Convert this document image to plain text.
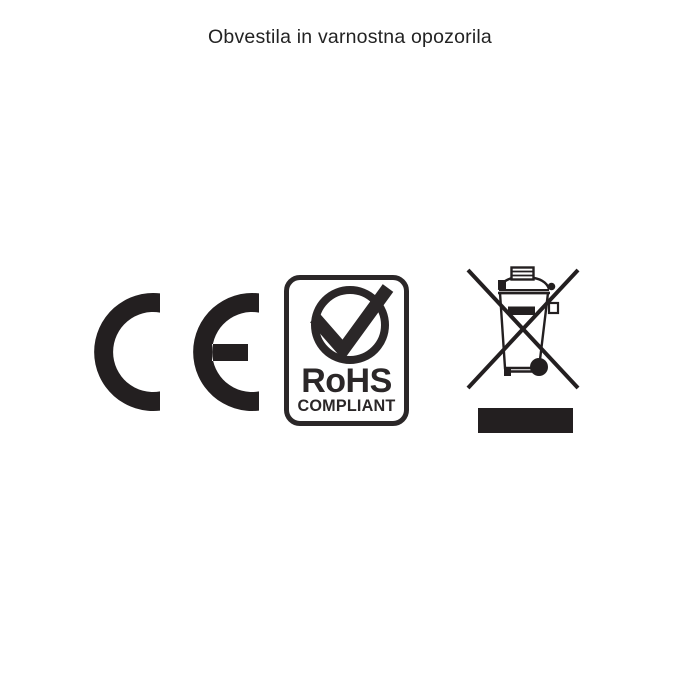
Obvestila in varnostna opozorila
RoHS
COMPLIANT
